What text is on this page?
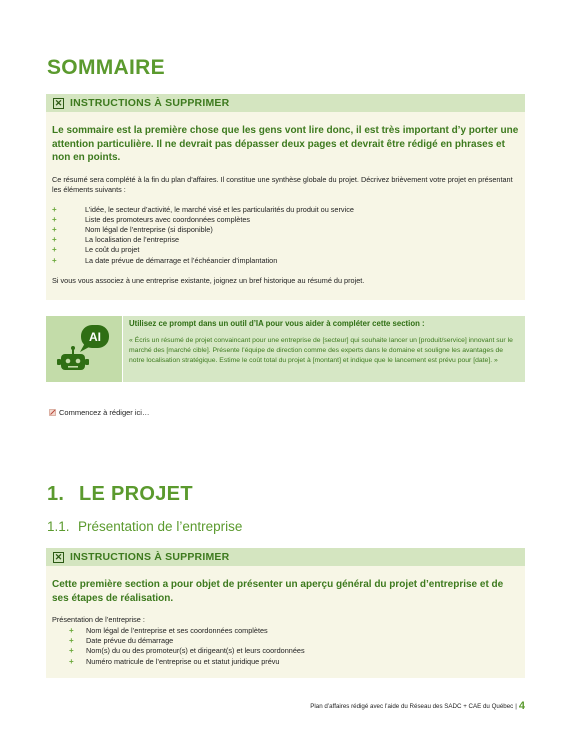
SOMMAIRE
✕ INSTRUCTIONS À SUPPRIMER
Le sommaire est la première chose que les gens vont lire donc, il est très important d’y porter une attention particulière. Il ne devrait pas dépasser deux pages et devrait être rédigé en phrases et non en points.
Ce résumé sera complété à la fin du plan d’affaires. Il constitue une synthèse globale du projet. Décrivez brièvement votre projet en présentant les éléments suivants :
+	L’idée, le secteur d’activité, le marché visé et les particularités du produit ou service
+	Liste des promoteurs avec coordonnées complètes
+	Nom légal de l’entreprise (si disponible)
+	La localisation de l’entreprise
+	Le coût du projet
+	La date prévue de démarrage et l’échéancier d’implantation
Si vous vous associez à une entreprise existante, joignez un bref historique au résumé du projet.
AI
Utilisez ce prompt dans un outil d’IA pour vous aider à compléter cette section :
« Écris un résumé de projet convaincant pour une entreprise de [secteur] qui souhaite lancer un [produit/service] innovant sur le marché des [marché cible]. Présente l’équipe de direction comme des experts dans le domaine et souligne les avantages de notre localisation stratégique. Estime le coût total du projet à [montant] et indique que le lancement est prévu pour [date]. »
Commencez à rédiger ici…
1. LE PROJET
1.1. Présentation de l’entreprise
✕ INSTRUCTIONS À SUPPRIMER
Cette première section a pour objet de présenter un aperçu général du projet d’entreprise et de ses étapes de réalisation.
Présentation de l’entreprise :
+ Nom légal de l’entreprise et ses coordonnées complètes
+ Date prévue du démarrage
+ Nom(s) du ou des promoteur(s) et dirigeant(s) et leurs coordonnées
+ Numéro matricule de l’entreprise ou et statut juridique prévu
Plan d’affaires rédigé avec l’aide du Réseau des SADC + CAE du Québec | 4
